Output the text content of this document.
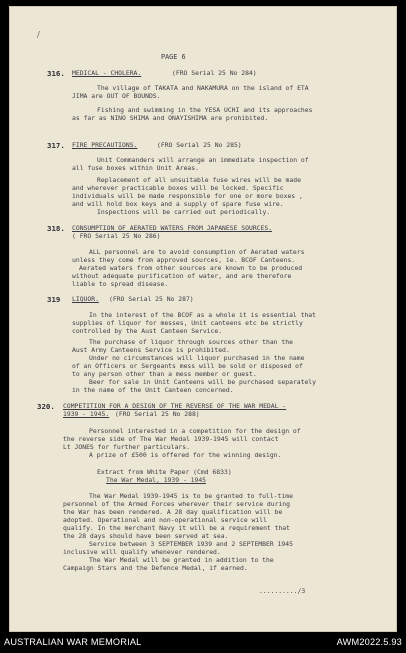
/
PAGE 6
316. MEDICAL - CHOLERA.	(FRO Serial 25 No 284)
The village of TAKATA and NAKAMURA on the island of ETA
JIMA are OUT OF BOUNDS.
Fishing and swimming in the YESA UCHI and its approaches
as far as NINO SHIMA and ONAYISHIMA are prohibited.
317. FIRE PRECAUTIONS.	(FRO Serial 25 No 285)
Unit Commanders will arrange an immediate inspection of
all fuse boxes within Unit Areas.
Replacement of all unsuitable fuse wires will be made
and wherever practicable boxes will be locked. Specific
individuals will be made responsible for one or more boxes ,
and will hold box keys and a supply of spare fuse wire.
Inspections will be carried out periodically.
318. CONSUMPTION OF AERATED WATERS FROM JAPANESE SOURCES.
( FRO Serial 25 No 286)
ALL personnel are to avoid consumption of Aerated waters
unless they come from approved sources, ie. BCOF Canteens.
Aerated waters from other sources are known to be produced
without adequate purification of water, and are therefore
liable to spread disease.
319 LIQUOR. (FRO Serial 25 No 287)
In the interest of the BCOF as a whole it is essential that
supplies of liquor for messes, Unit canteens etc be strictly
controlled by the Aust Canteen Service.
The purchase of liquor through sources other than the
Aust Army Canteens Service is prohibited.
Under no circumstances will liquor purchased in the name
of an Officers or Sergeants mess will be sold or disposed of
to any person other than a mess member or guest.
Beer for sale in Unit Canteens will be purchased separately
in the name of the Unit Canteen concerned.
320. COMPETITION FOR A DESIGN OF THE REVERSE OF THE WAR MEDAL -
1939 - 1945. (FRO Serial 25 No 288)
Personnel interested in a competition for the design of
the reverse side of The War Medal 1939-1945 will contact
Lt JONES for further particulars.
A prize of £500 is offered for the winning design.
Extract from White Paper (Cmd 6833)
The War Medal, 1939 - 1945
The War Medal 1939-1945 is to be granted to full-time
personnel of the Armed Forces wherever their service during
the War has been rendered. A 28 day qualification will be
adopted. Operational and non-operational service will
qualify. In the merchant Navy it will be a requirement that
the 28 days should have been served at sea.
Service between 3 SEPTEMBER 1939 and 2 SEPTEMBER 1945
inclusive will qualify whenever rendered.
The War Medal will be granted in addition to the
Campaign Stars and the Defence Medal, if earned.
........../3
AUSTRALIAN WAR MEMORIAL	AWM2022.5.93
